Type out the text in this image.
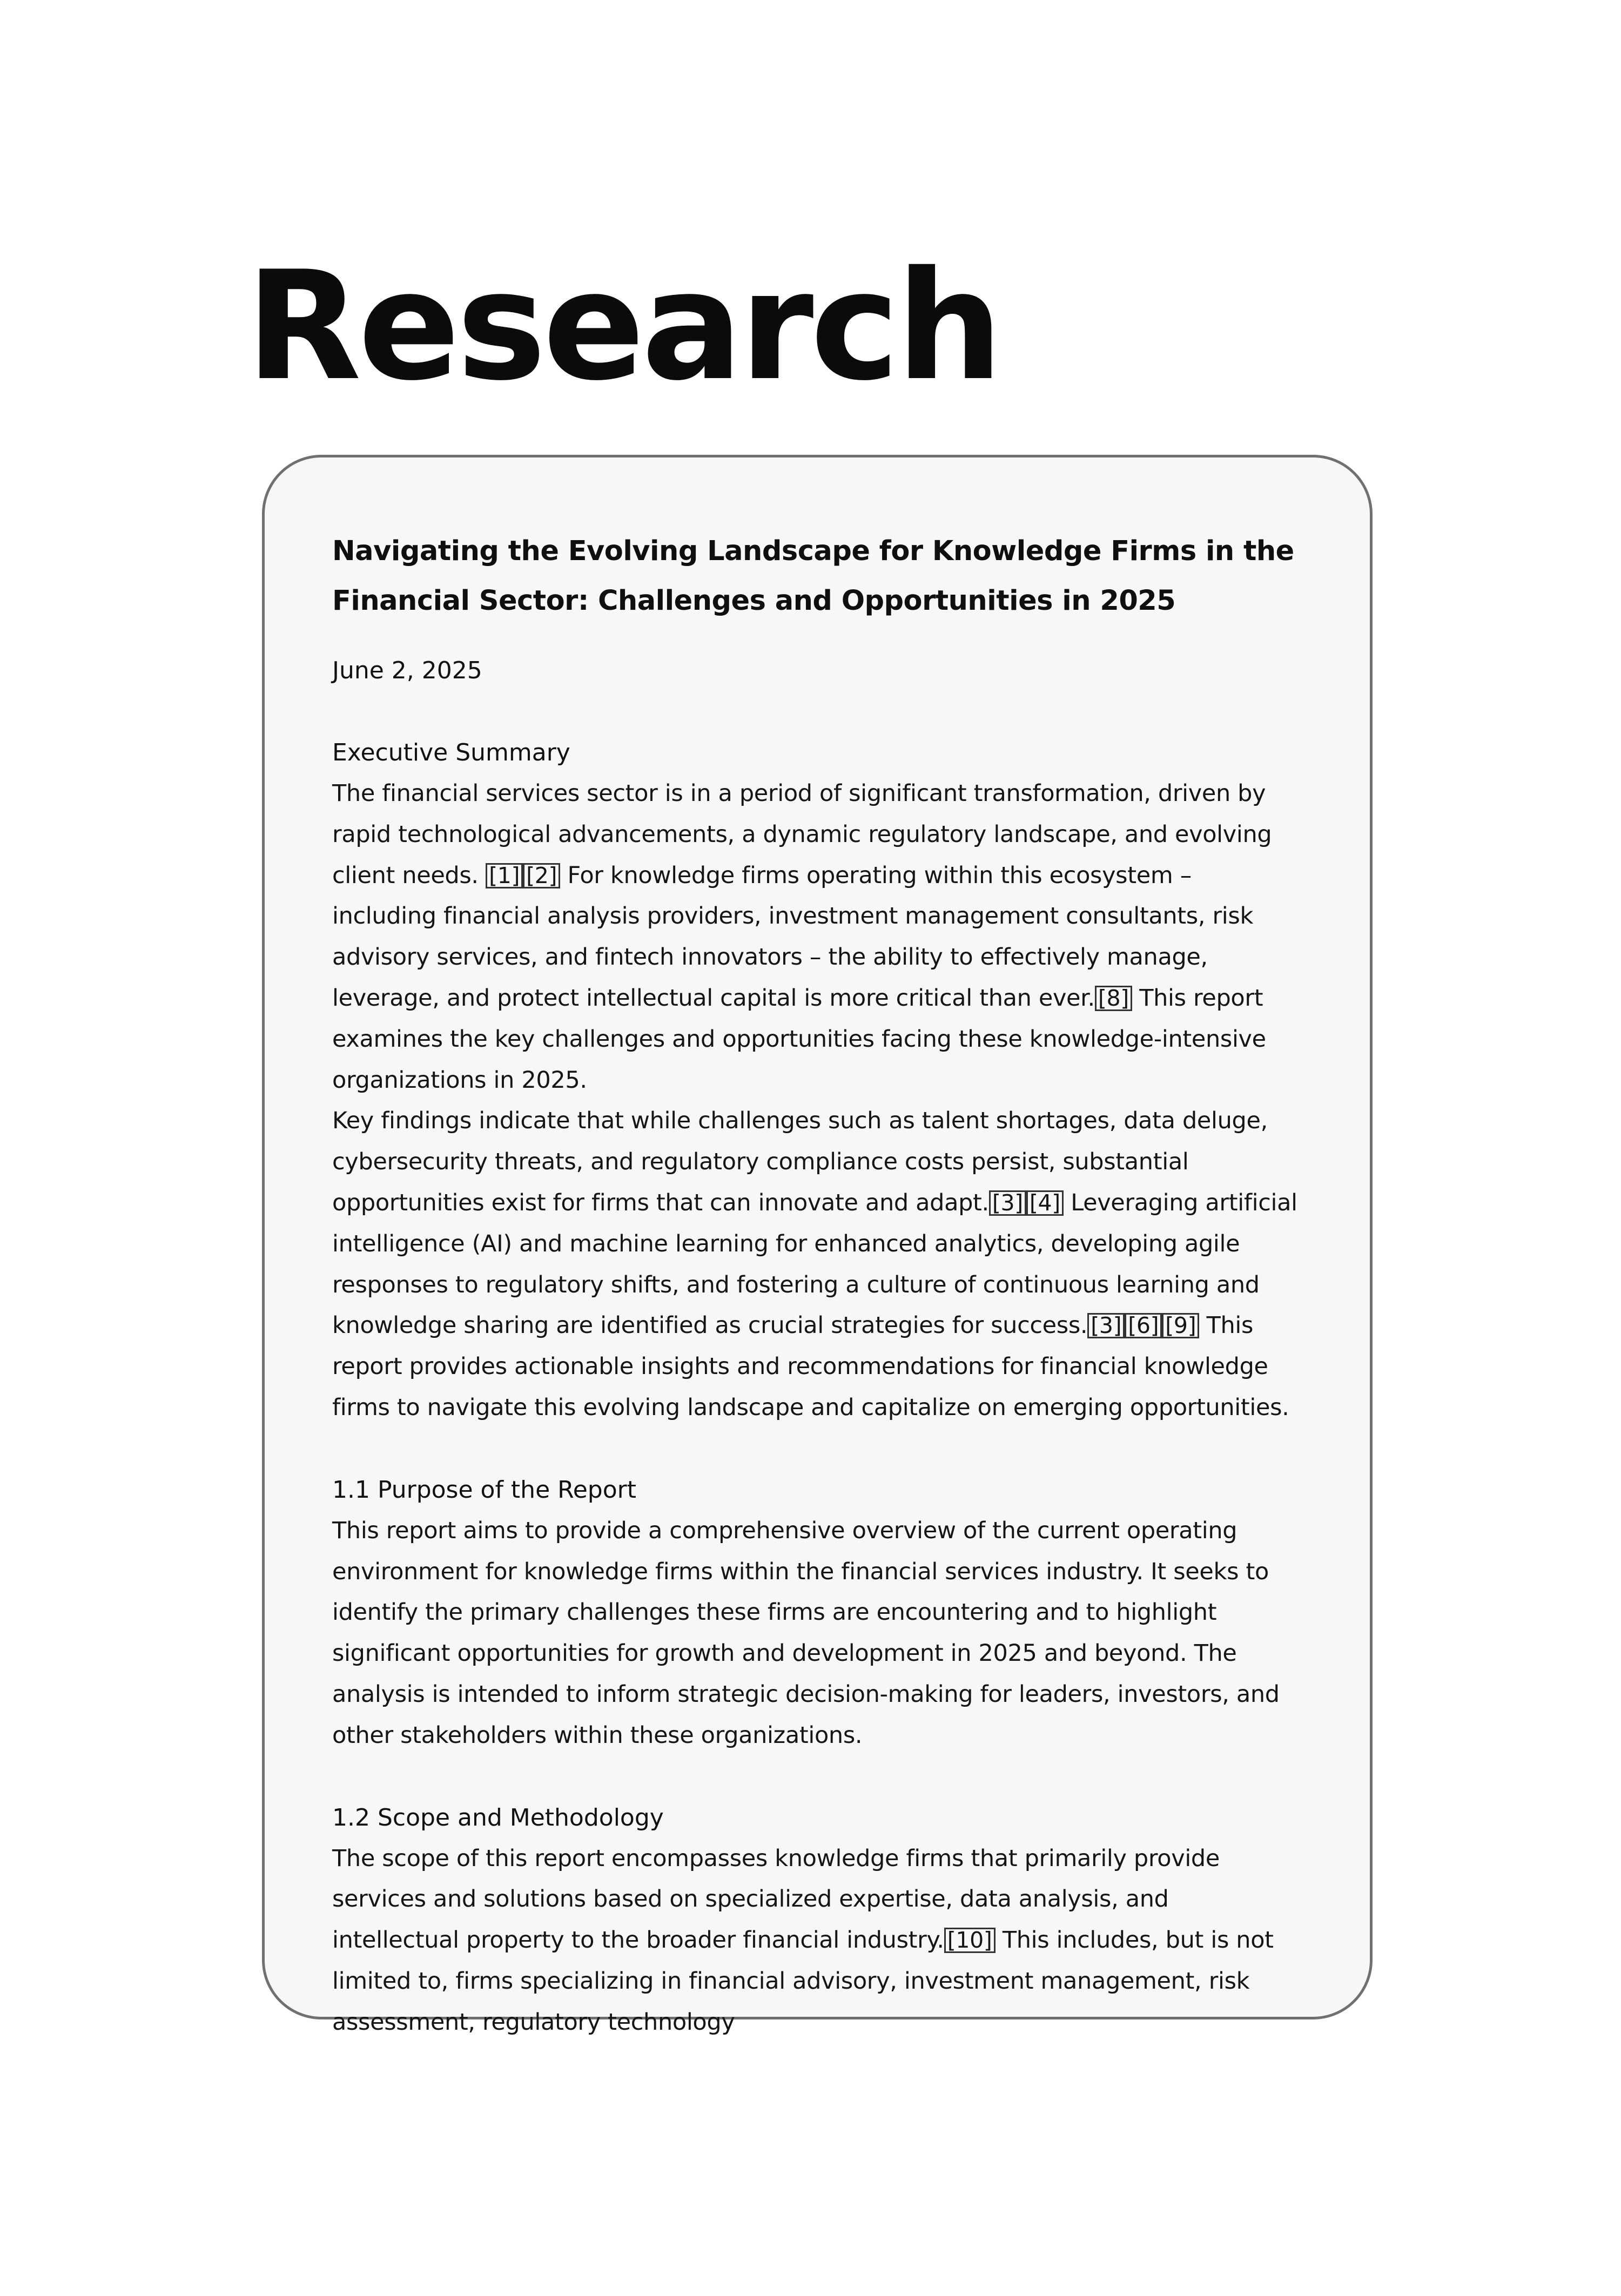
Research
Navigating the Evolving Landscape for Knowledge Firms in the
Financial Sector: Challenges and Opportunities in 2025

June 2, 2025

Executive Summary

The financial services sector is in a period of significant transformation, driven by rapid technological advancements, a dynamic regulatory landscape, and evolving client needs. [1] [2] For knowledge firms operating within this ecosystem – including financial analysis providers, investment management consultants, risk advisory services, and fintech innovators – the ability to effectively manage, leverage, and protect intellectual capital is more critical than ever. [8] This report examines the key challenges and opportunities facing these knowledge-intensive organizations in 2025.

Key findings indicate that while challenges such as talent shortages, data deluge, cybersecurity threats, and regulatory compliance costs persist, substantial opportunities exist for firms that can innovate and adapt. [3] [4] Leveraging artificial intelligence (AI) and machine learning for enhanced analytics, developing agile responses to regulatory shifts, and fostering a culture of continuous learning and knowledge sharing are identified as crucial strategies for success. [3] [6] [9] This report provides actionable insights and recommendations for financial knowledge firms to navigate this evolving landscape and capitalize on emerging opportunities.

1.1 Purpose of the Report

This report aims to provide a comprehensive overview of the current operating environment for knowledge firms within the financial services industry. It seeks to identify the primary challenges these firms are encountering and to highlight significant opportunities for growth and development in 2025 and beyond. The analysis is intended to inform strategic decision-making for leaders, investors, and other stakeholders within these organizations.

1.2 Scope and Methodology

The scope of this report encompasses knowledge firms that primarily provide services and solutions based on specialized expertise, data analysis, and intellectual property to the broader financial industry. [10] This includes, but is not limited to, firms specializing in financial advisory, investment management, risk assessment, regulatory technology
